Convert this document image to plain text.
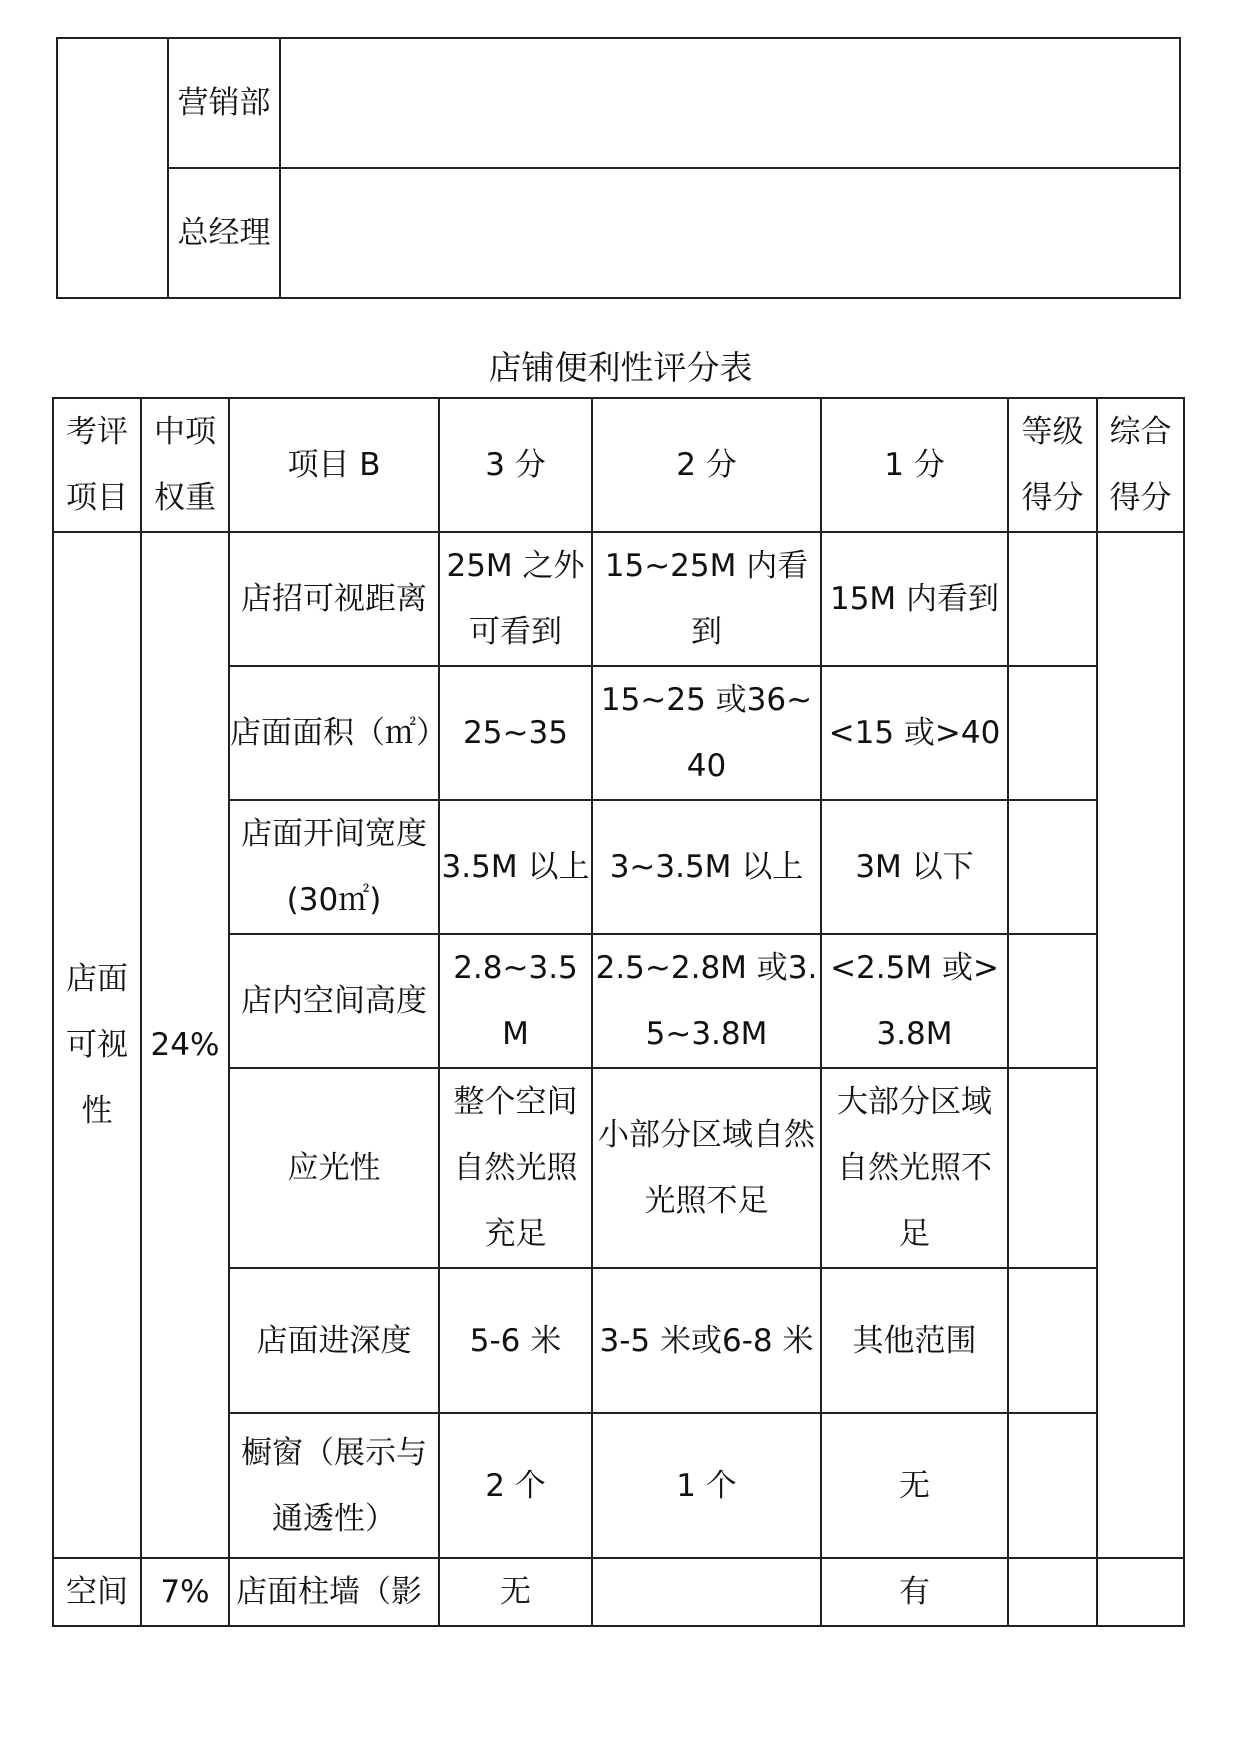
	营销部	
	总经理	
店铺便利性评分表
考评项目	中项权重	项目 B	3 分	2 分	1 分	等级得分	综合得分
店面可视性	24%	店招可视距离	25M 之外可看到	15~25M 内看到	15M 内看到		
		店面面积（㎡）	25~35	15~25 或36~40	<15 或>40		
		店面开间宽度(30㎡)	3.5M 以上	3~3.5M 以上	3M 以下		
		店内空间高度	2.8~3.5M	2.5~2.8M 或3.5~3.8M	<2.5M 或>3.8M		
		应光性	整个空间自然光照充足	小部分区域自然光照不足	大部分区域自然光照不足		
		店面进深度	5-6 米	3-5 米或6-8 米	其他范围		
		橱窗（展示与通透性）	2 个	1 个	无		
空间	7%	店面柱墙（影	无		有		
